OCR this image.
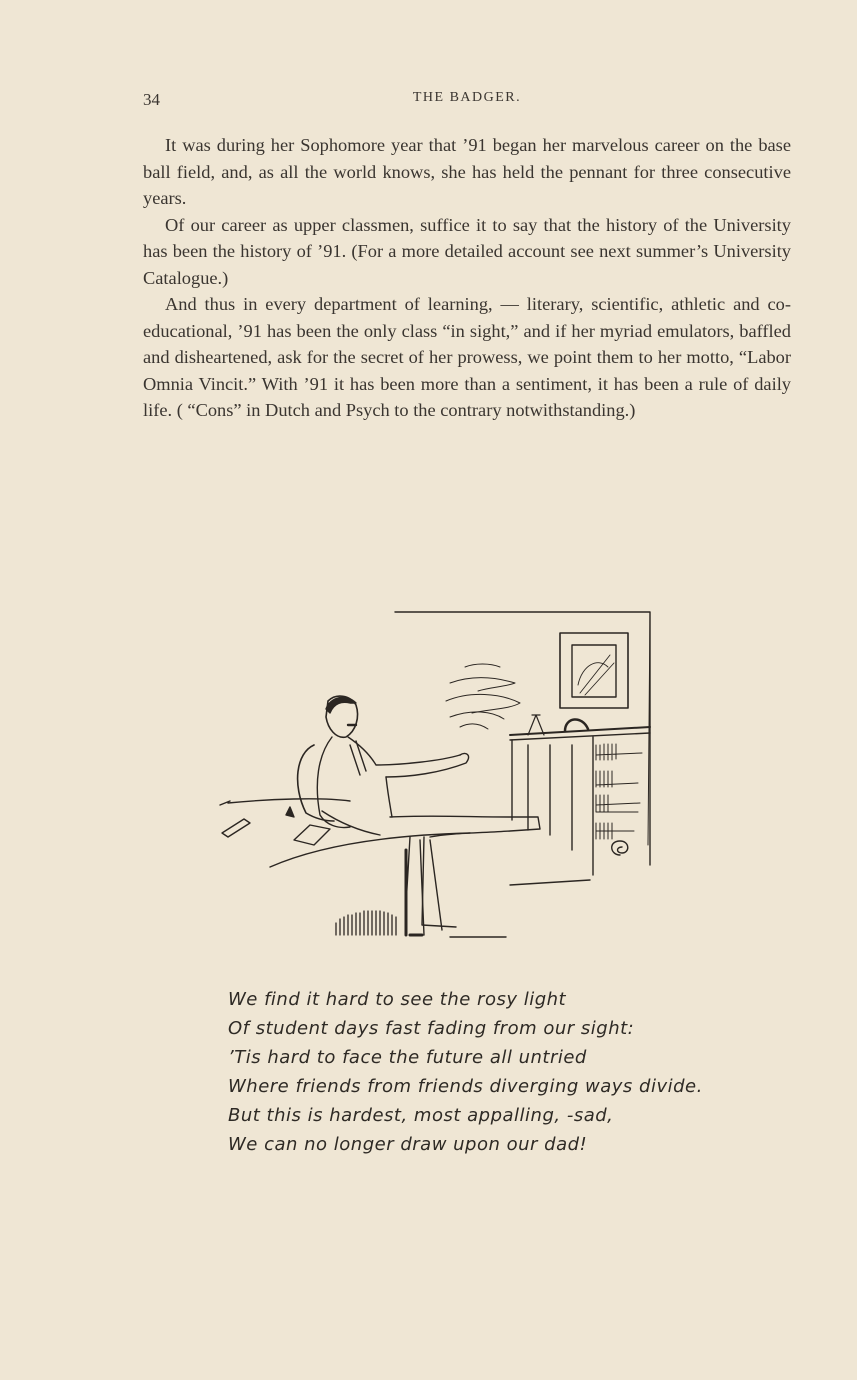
34	THE BADGER.

It was during her Sophomore year that ’91 began her marvelous career on the base ball field, and, as all the world knows, she has held the pennant for three consecutive years.

Of our career as upper classmen, suffice it to say that the history of the University has been the history of ’91. (For a more detailed account see next summer’s University Catalogue.)

And thus in every department of learning, — literary, scientific, athletic and co-educational, ’91 has been the only class “in sight,” and if her myriad emulators, baffled and disheartened, ask for the secret of her prowess, we point them to her motto, “Labor Omnia Vincit.” With ’91 it has been more than a sentiment, it has been a rule of daily life. ( “Cons” in Dutch and Psych to the contrary notwithstanding.)

We find it hard to see the rosy light
Of student days fast fading from our sight:
’Tis hard to face the future all untried
Where friends from friends diverging ways divide.
But this is hardest, most appalling, -sad,
We can no longer draw upon our dad!
